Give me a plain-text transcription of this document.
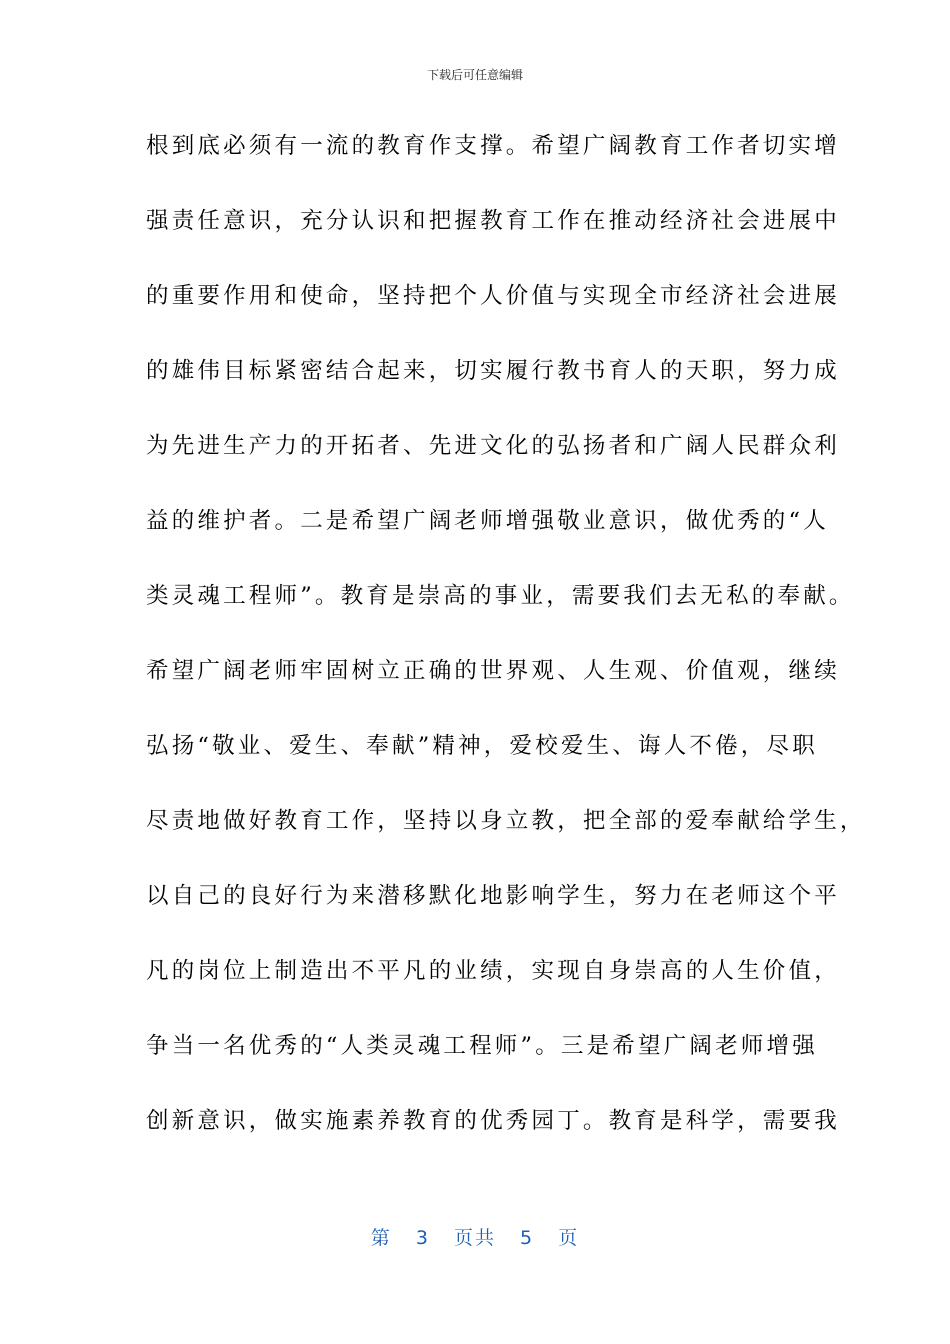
下载后可任意编辑
根到底必须有一流的教育作支撑。希望广阔教育工作者切实增
强责任意识，充分认识和把握教育工作在推动经济社会进展中
的重要作用和使命，坚持把个人价值与实现全市经济社会进展
的雄伟目标紧密结合起来，切实履行教书育人的天职，努力成
为先进生产力的开拓者、先进文化的弘扬者和广阔人民群众利
益的维护者。二是希望广阔老师增强敬业意识，做优秀的“人
类灵魂工程师”。教育是崇高的事业，需要我们去无私的奉献。
希望广阔老师牢固树立正确的世界观、人生观、价值观，继续
弘扬“敬业、爱生、奉献”精神，爱校爱生、诲人不倦，尽职
尽责地做好教育工作，坚持以身立教，把全部的爱奉献给学生，
以自己的良好行为来潜移默化地影响学生，努力在老师这个平
凡的岗位上制造出不平凡的业绩，实现自身崇高的人生价值，
争当一名优秀的“人类灵魂工程师”。三是希望广阔老师增强
创新意识，做实施素养教育的优秀园丁。教育是科学，需要我
第 3 页共 5 页
